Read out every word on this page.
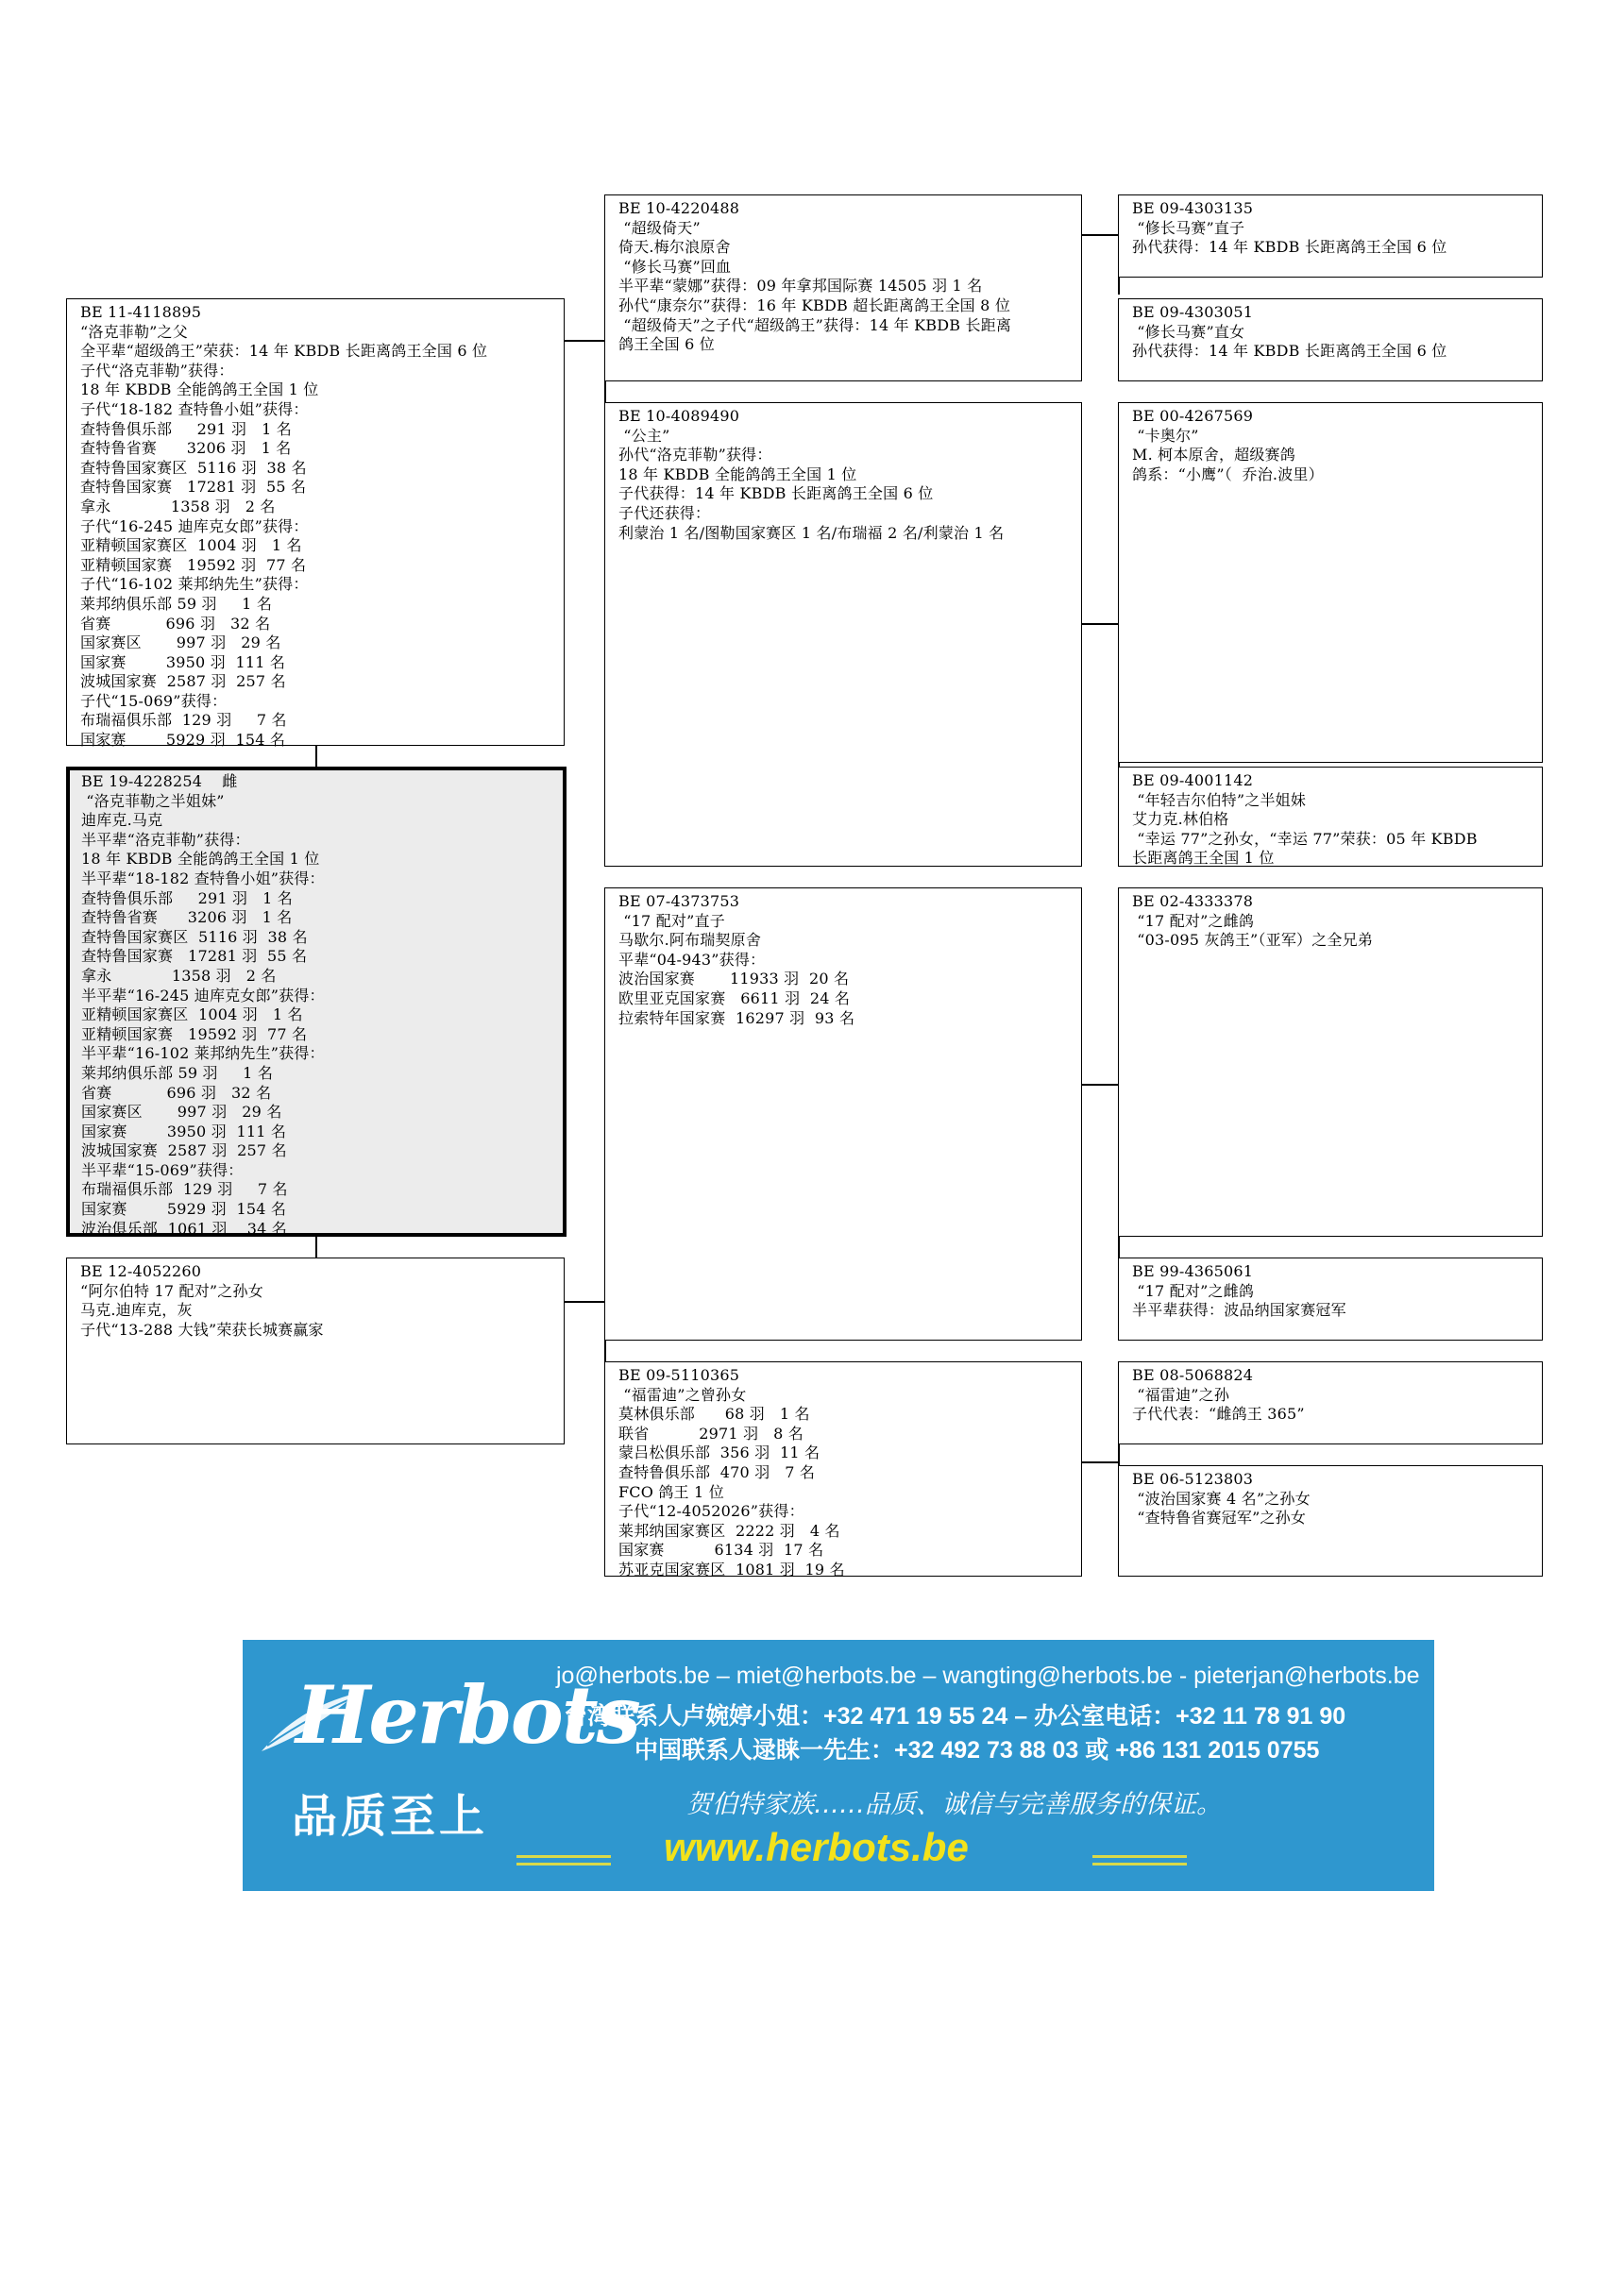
BE 11-4118895
“洛克菲勒”之父
全平辈“超级鸽王”荣获：14 年 KBDB 长距离鸽王全国 6 位
子代“洛克菲勒”获得：
18 年 KBDB 全能鸽鸽王全国 1 位
子代“18-182 查特鲁小姐”获得：
查特鲁俱乐部     291 羽   1 名
查特鲁省赛      3206 羽   1 名
查特鲁国家赛区  5116 羽  38 名
查特鲁国家赛   17281 羽  55 名
拿永            1358 羽   2 名
子代“16-245 迪库克女郎”获得：
亚精顿国家赛区  1004 羽   1 名
亚精顿国家赛   19592 羽  77 名
子代“16-102 莱邦纳先生”获得：
莱邦纳俱乐部 59 羽     1 名
省赛           696 羽   32 名
国家赛区       997 羽   29 名
国家赛        3950 羽  111 名
波城国家赛  2587 羽  257 名
子代“15-069”获得：
布瑞福俱乐部  129 羽     7 名
国家赛        5929 羽  154 名
BE 19-4228254    雌
“洛克菲勒之半姐妹”
迪库克.马克
半平辈“洛克菲勒”获得：
18 年 KBDB 全能鸽鸽王全国 1 位
半平辈“18-182 查特鲁小姐”获得：
查特鲁俱乐部     291 羽   1 名
查特鲁省赛      3206 羽   1 名
查特鲁国家赛区  5116 羽  38 名
查特鲁国家赛   17281 羽  55 名
拿永            1358 羽   2 名
半平辈“16-245 迪库克女郎”获得：
亚精顿国家赛区  1004 羽   1 名
亚精顿国家赛   19592 羽  77 名
半平辈“16-102 莱邦纳先生”获得：
莱邦纳俱乐部 59 羽     1 名
省赛           696 羽   32 名
国家赛区       997 羽   29 名
国家赛        3950 羽  111 名
波城国家赛  2587 羽  257 名
半平辈“15-069”获得：
布瑞福俱乐部  129 羽     7 名
国家赛        5929 羽  154 名
波治俱乐部  1061 羽    34 名
BE 12-4052260
“阿尔伯特 17 配对”之孙女
马克.迪库克，灰
子代“13-288 大钱”荣获长城赛赢家
BE 10-4220488
“超级倚天”
倚天.梅尔浪原舍
“修长马赛”回血
半平辈“蒙娜”获得：09 年拿邦国际赛 14505 羽 1 名
孙代“康奈尔”获得：16 年 KBDB 超长距离鸽王全国 8 位
“超级倚天”之子代“超级鸽王”获得：14 年 KBDB 长距离
鸽王全国 6 位
BE 10-4089490
“公主”
孙代“洛克菲勒”获得：
18 年 KBDB 全能鸽鸽王全国 1 位
子代获得：14 年 KBDB 长距离鸽王全国 6 位
子代还获得：
利蒙治 1 名/图勒国家赛区 1 名/布瑞福 2 名/利蒙治 1 名
BE 07-4373753
“17 配对”直子
马歇尔.阿布瑞契原舍
平辈“04-943”获得：
波治国家赛       11933 羽  20 名
欧里亚克国家赛   6611 羽  24 名
拉索特年国家赛  16297 羽  93 名
BE 09-5110365
“福雷迪”之曾孙女
莫林俱乐部      68 羽   1 名
联省          2971 羽   8 名
蒙吕松俱乐部  356 羽  11 名
查特鲁俱乐部  470 羽   7 名
FCO 鸽王 1 位
子代“12-4052026”获得：
莱邦纳国家赛区  2222 羽   4 名
国家赛          6134 羽  17 名
苏亚克国家赛区  1081 羽  19 名
BE 09-4303135
“修长马赛”直子
孙代获得：14 年 KBDB 长距离鸽王全国 6 位
BE 09-4303051
“修长马赛”直女
孙代获得：14 年 KBDB 长距离鸽王全国 6 位
BE 00-4267569
“卡奥尔”
M. 柯本原舍，超级赛鸽
鸽系：“小鹰”（  乔治.波里）
BE 09-4001142
“年轻吉尔伯特”之半姐妹
艾力克.林伯格
“幸运 77”之孙女，“幸运 77”荣获：05 年 KBDB
长距离鸽王全国 1 位
BE 02-4333378
“17 配对”之雌鸽
“03-095 灰鸽王”（亚军）之全兄弟
BE 99-4365061
“17 配对”之雌鸽
半平辈获得：波品纳国家赛冠军
BE 08-5068824
“福雷迪”之孙
子代代表：“雌鸽王 365”
BE 06-5123803
“波治国家赛 4 名”之孙女
“查特鲁省赛冠军”之孙女
Herbots
品质至上
jo@herbots.be – miet@herbots.be – wangting@herbots.be - pieterjan@herbots.be
台湾联系人卢婉婷小姐：+32 471 19 55 24 – 办公室电话：+32 11 78 91 90
中国联系人逯睐一先生：+32 492 73 88 03 或 +86 131 2015 0755
贺伯特家族……品质、诚信与完善服务的保证。
www.herbots.be
